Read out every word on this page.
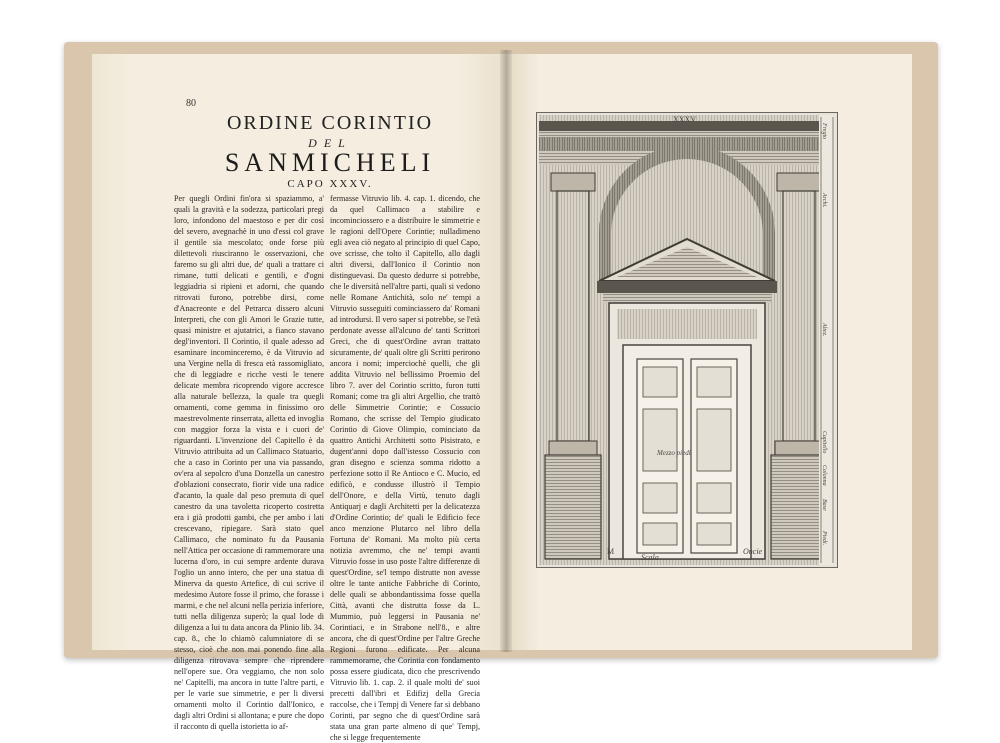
80
ORDINE CORINTIO
DEL
SANMICHELI
CAPO XXXV.

Per quegli Ordini fin'ora si spaziammo, a' quali la gravità e la sodezza, particolari pregi loro, infondono del maestoso e per dir così del severo, avegnachè in uno d'essi col grave il gentile sia mescolato; onde forse più dilettevoli riusciranno le osservazioni, che faremo su gli altri due, de' quali a trattare ci rimane, tutti delicati e gentili, e d'ogni leggiadria si ripieni et adorni, che quando ritrovati furono, potrebbe dirsi, come d'Anacreonte e del Petrarca dissero alcuni Interpreti, che con gli Amori le Grazie tutte, quasi ministre et ajutatrici, a fianco stavano degl'inventori. Il Corintio, il quale adesso ad esaminare incominceremo, è da Vitruvio ad una Vergine nella di fresca età rassomigliato, che di leggiadre e ricche vesti le tenere delicate membra ricoprendo vigore accresce alla naturale bellezza, la quale tra quegli ornamenti, come gemma in finissimo oro maestrevolmente rinserrata, alletta ed invoglia con maggior forza la vista e i cuori de' riguardanti. L'invenzione del Capitello è da Vitruvio attribuita ad un Callimaco Statuario, che a caso in Corinto per una via passando, ov'era al sepolcro d'una Donzella un canestro d'oblazioni consecrato, fiorir vide una radice d'acanto, la quale dal peso premuta di quel canestro da una tavoletta ricoperto costretta era i già prodotti gambi, che per ambo i lati crescevano, ripiegare. Sarà stato quel Callimaco, che nominato fu da Pausania nell'Attica per occasione di rammemorare una lucerna d'oro, in cui sempre ardente durava l'oglio un anno intero, che per una statua di Minerva da questo Artefice, di cui scrive il medesimo Autore fosse il primo, che forasse i marmi, e che nel alcuni nella perizia inferiore, tutti nella diligenza superò; la qual lode di diligenza a lui tu data ancora da Plinio lib. 34. cap. 8., che lo chiamò calumniatore di se stesso, cioè che non mai ponendo fine alla diligenza ritrovava sempre che riprendere nell'opere sue. Ora veggiamo, che non solo ne' Capitelli, ma ancora in tutte l'altre parti, e per le varie sue simmetrie, e per li diversi ornamenti molto il Corintio dall'Ionico, e dagli altri Ordini si allontana; e pure che dopo il racconto di quella istorietta io af-

fermasse Vitruvio lib. 4. cap. 1. dicendo, che da quel Callimaco a stabilire e incominciossero e a distribuire le simmetrie e le ragioni dell'Opere Corintie; nulladimeno egli avea ciò negato al principio di quel Capo, ove scrisse, che tolto il Capitello, allo dagli altri diversi, dall'Ionico il Corintio non distinguevasi. Da questo dedurre si potrebbe, che le diversità nell'altre parti, quali si vedono nelle Romane Antichità, solo ne' tempi a Vitruvio susseguiti cominciassero da' Romani ad introdursi. Il vero saper si potrebbe, se l'età perdonate avesse all'alcuno de' tanti Scrittori Greci, che di quest'Ordine avran trattato sicuramente, de' quali oltre gli Scritti perirono ancora i nomi; imperciochè quelli, che gli addita Vitruvio nel bellissimo Proemio del libro 7. aver del Corintio scritto, furon tutti Romani; come tra gli altri Argellio, che trattò delle Simmetrie Corintie; e Cossucio Romano, che scrisse del Tempio giudicato Corintio di Giove Olimpio, cominciato da quattro Antichi Architetti sotto Pisistrato, e dugent'anni dopo dall'istesso Cossucio con gran disegno e scienza somma ridotto a perfezione sotto il Re Antioco e C. Mucio, ed edificò, e condusse illustrò il Tempio dell'Onore, e della Virtù, tenuto dagli Antiquarj e dagli Architetti per la delicatezza d'Ordine Corintio; de' quali le Edificio fece anco menzione Plutarco nel libro della Fortuna de' Romani. Ma molto più certa notizia avremmo, che ne' tempi avanti Vitruvio fosse in uso poste l'altre differenze di quest'Ordine, se'l tempo distrutte non avesse oltre le tante antiche Fabbriche di Corinto, delle quali se abbondantissima fosse quella Città, avanti che distrutta fosse da L. Mummio, può leggersi in Pausania ne' Corintiaci, e in Strabone nell'8., e altre ancora, che di quest'Ordine per l'altre Greche Regioni furono edificate. Per alcuna rammemorarne, che Corintia con fondamento possa essere giudicata, dico che prescrivendo Vitruvio lib. 1. cap. 2. il quale molti de' suoi precetti dall'ibri et Edifizj della Grecia raccolse, che i Tempj di Venere far si debbano Corinti, par segno che di quest'Ordine sarà stata una gran parte almeno di que' Tempj, che si legge frequentemente

XXXV
Mezzo piedi
Scala
M	Oncie
Fregio
Archi.
Altez.
Capitello
Colonna
Base
Piedi.
